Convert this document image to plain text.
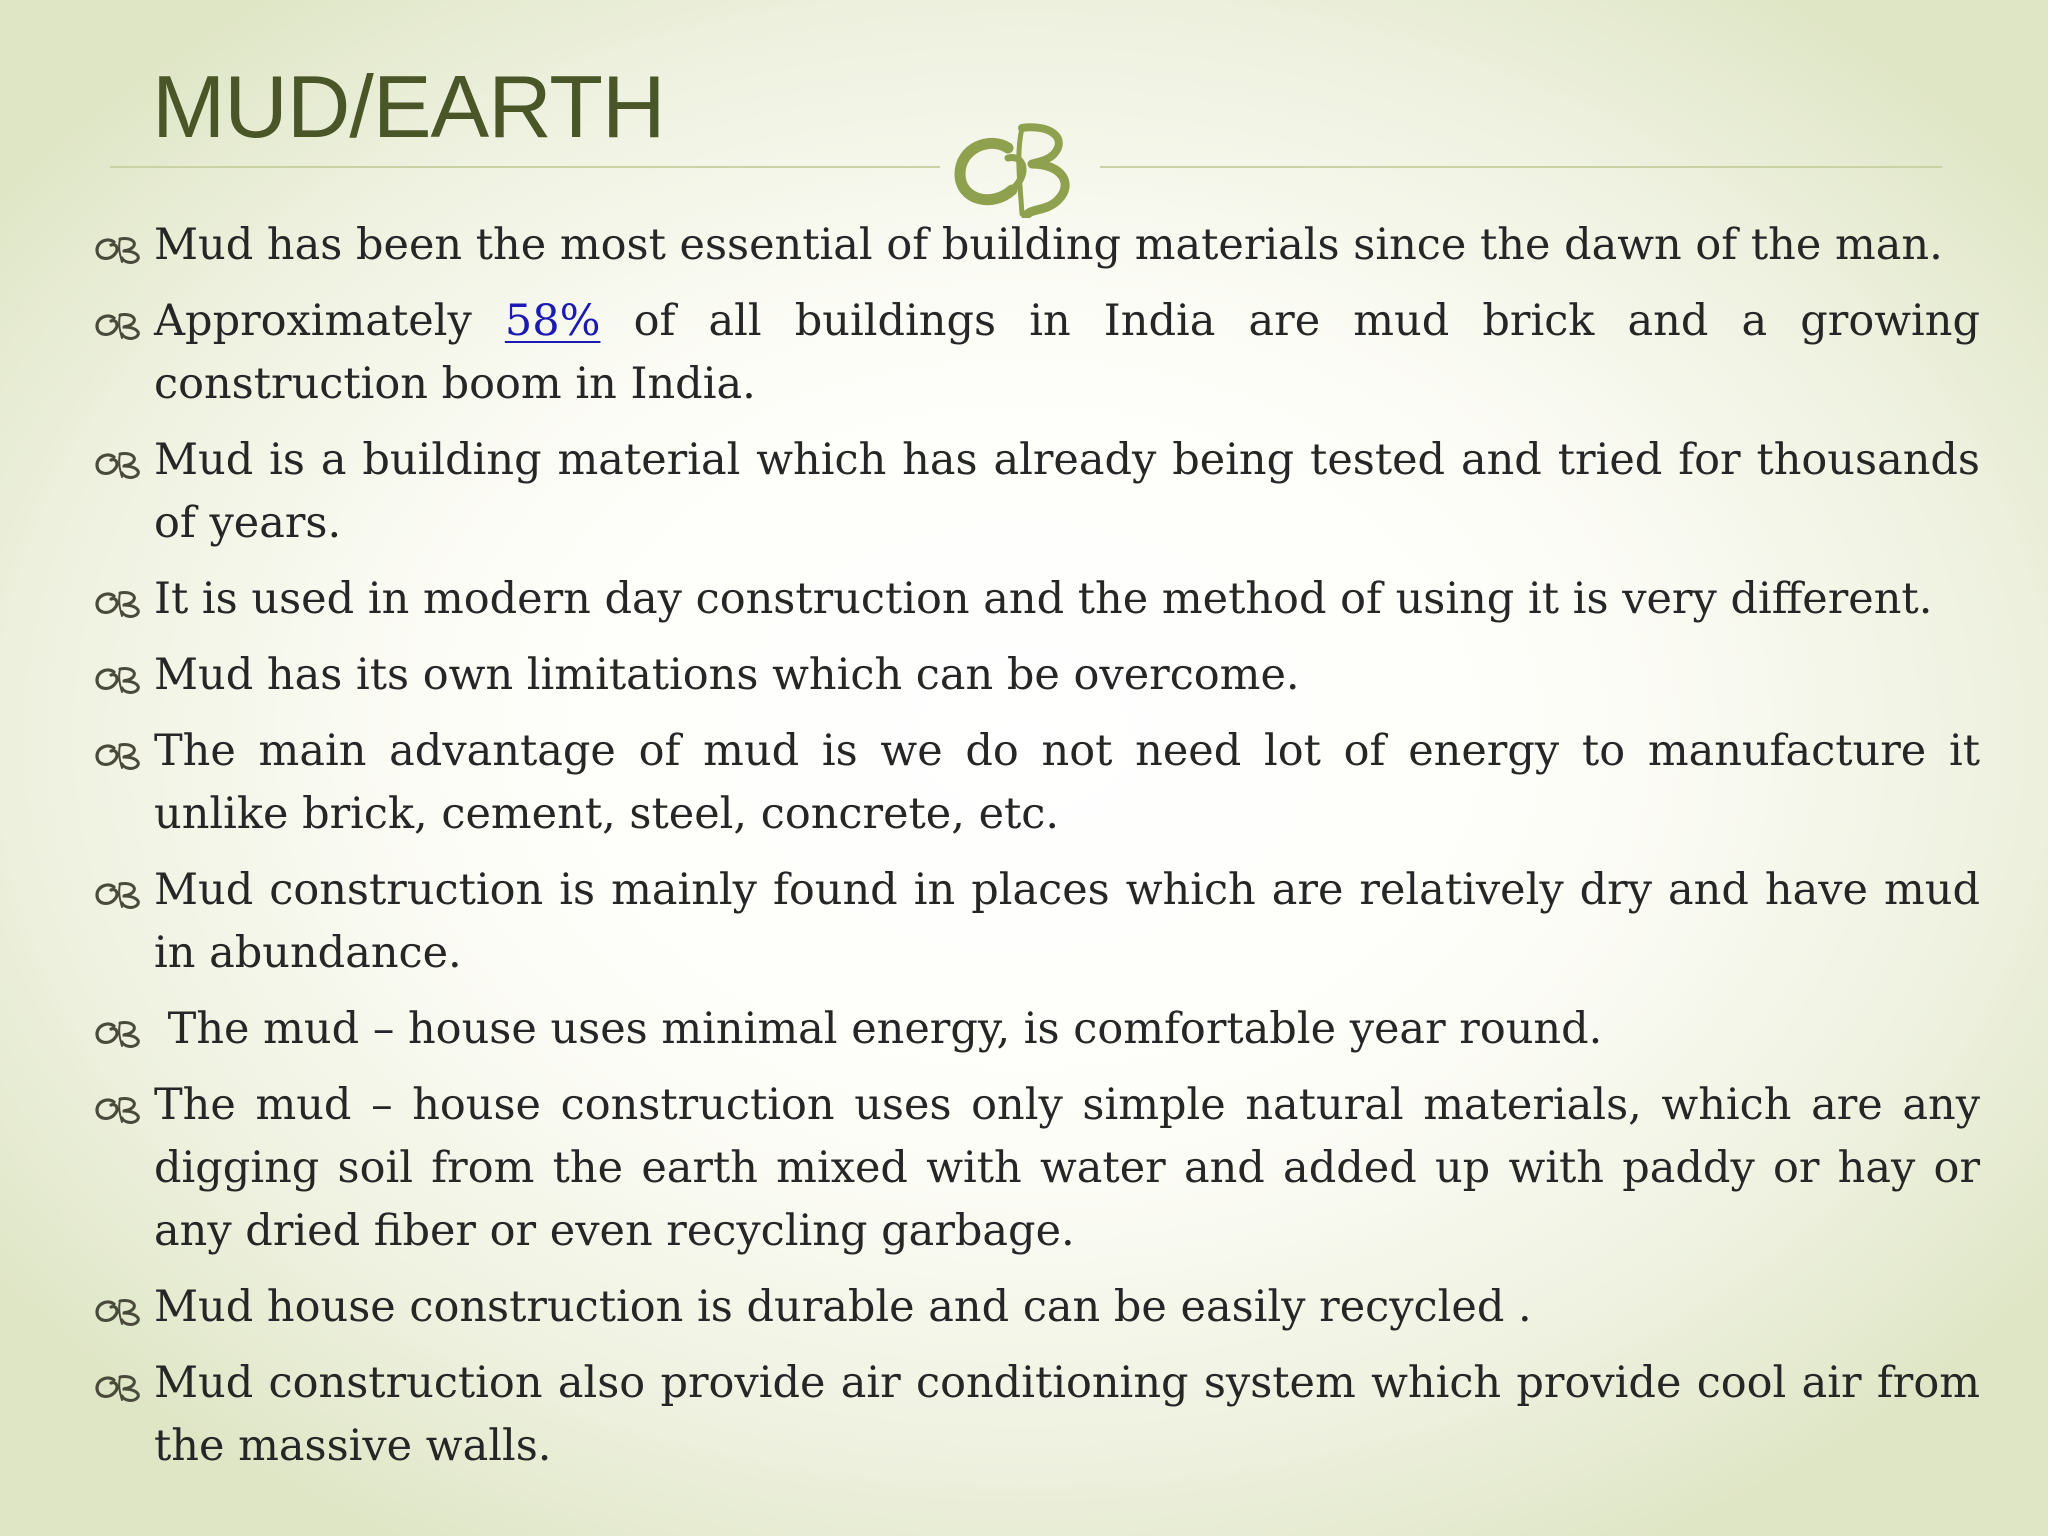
MUD/EARTH
Mud has been the most essential of building materials since the dawn of the man.
Approximately 58% of all buildings in India are mud brick and a growing construction boom in India.
Mud is a building material which has already being tested and tried for thousands of years.
It is used in modern day construction and the method of using it is very different.
Mud has its own limitations which can be overcome.
The main advantage of mud is we do not need lot of energy to manufacture it unlike brick, cement, steel, concrete, etc.
Mud construction is mainly found in places which are relatively dry and have mud in abundance.
The mud – house uses minimal energy, is comfortable year round.
The mud – house construction uses only simple natural materials, which are any digging soil from the earth mixed with water and added up with paddy or hay or any dried fiber or even recycling garbage.
Mud house construction is durable and can be easily recycled .
Mud construction also provide air conditioning system which provide cool air from the massive walls.
